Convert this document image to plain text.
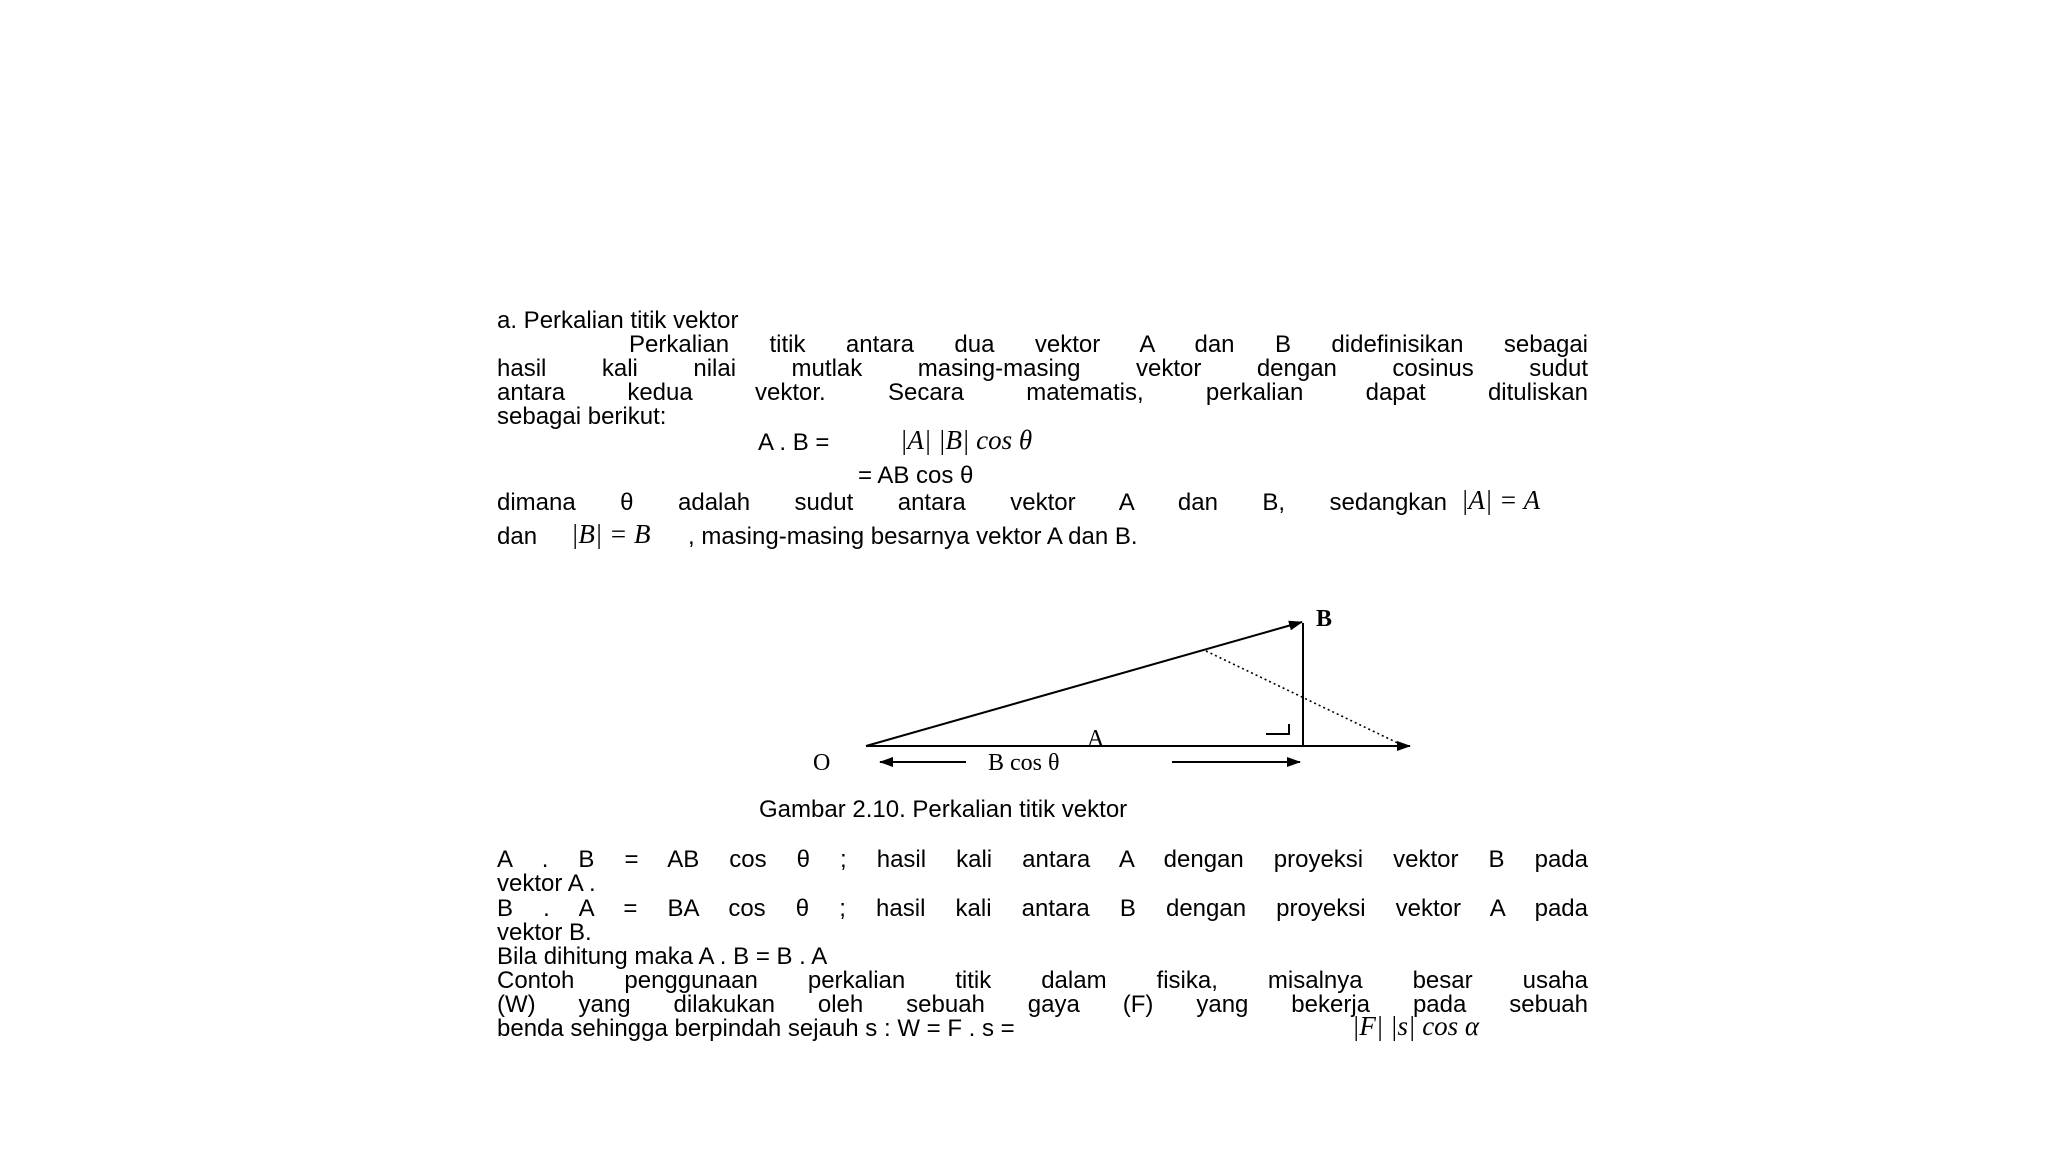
a. Perkalian titik vektor
Perkalian titik antara dua vektor A dan B didefinisikan sebagai
hasil kali nilai mutlak masing-masing vektor dengan cosinus sudut
antara kedua vektor. Secara matematis, perkalian dapat dituliskan
sebagai berikut:
A . B =	|A| |B| cos θ
= AB cos θ
dimana θ adalah sudut antara vektor A dan B, sedangkan |A| = A
dan |B| = B , masing-masing besarnya vektor A dan B.
O
A
B
B cos θ
Gambar 2.10. Perkalian titik vektor
A . B = AB cos θ ; hasil kali antara A dengan proyeksi vektor B pada
vektor A .
B . A = BA cos θ ; hasil kali antara B dengan proyeksi vektor A pada
vektor B.
Bila dihitung maka A . B = B . A
Contoh penggunaan perkalian titik dalam fisika, misalnya besar usaha
(W) yang dilakukan oleh sebuah gaya (F) yang bekerja pada sebuah
benda sehingga berpindah sejauh s : W = F . s =	|F| |s| cos α
